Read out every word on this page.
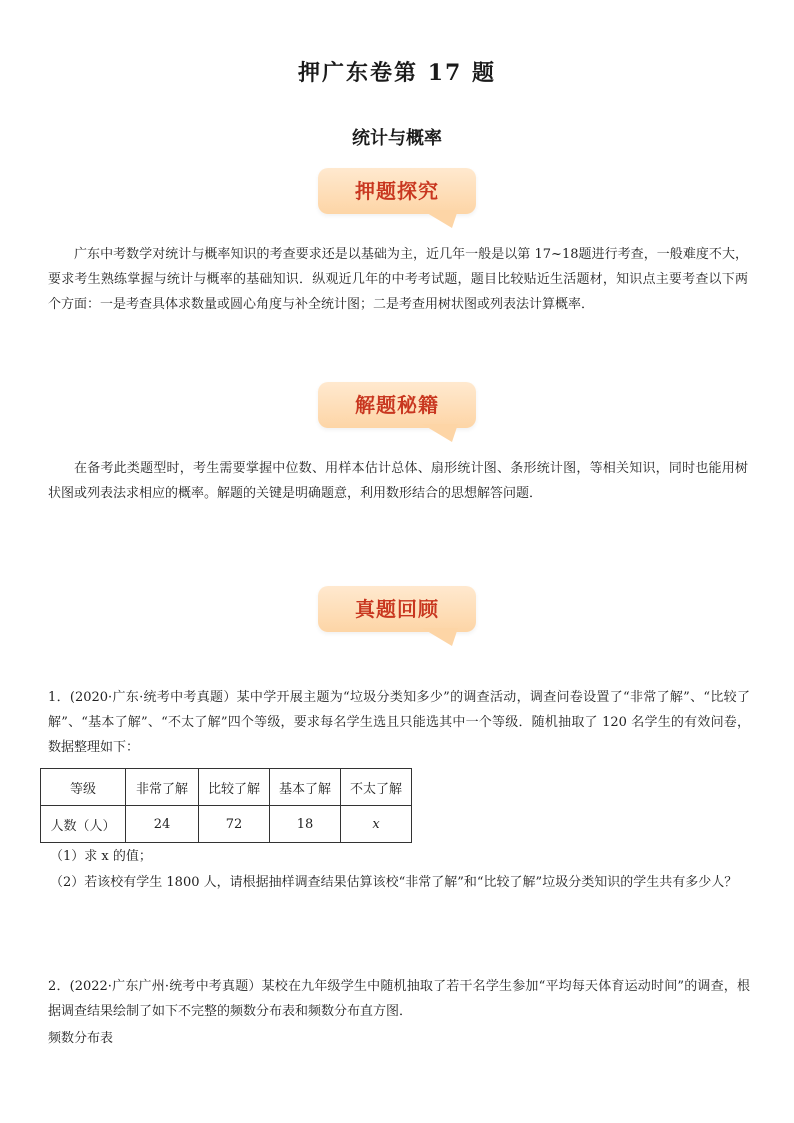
押广东卷第 17 题
统计与概率
押题探究
广东中考数学对统计与概率知识的考查要求还是以基础为主，近几年一般是以第 17~18题进行考查，一般难度不大，要求考生熟练掌握与统计与概率的基础知识．纵观近几年的中考考试题，题目比较贴近生活题材，知识点主要考查以下两个方面：一是考查具体求数量或圆心角度与补全统计图；二是考查用树状图或列表法计算概率．
解题秘籍
在备考此类题型时，考生需要掌握中位数、用样本估计总体、扇形统计图、条形统计图，等相关知识，同时也能用树状图或列表法求相应的概率。解题的关键是明确题意，利用数形结合的思想解答问题．
真题回顾
1．(2020·广东·统考中考真题）某中学开展主题为“垃圾分类知多少”的调查活动，调查问卷设置了“非常了解”、“比较了解”、“基本了解”、“不太了解”四个等级，要求每名学生选且只能选其中一个等级．随机抽取了 120 名学生的有效问卷，数据整理如下：
等级	非常了解	比较了解	基本了解	不太了解
人数（人）	24	72	18	x
（1）求 x 的值；
（2）若该校有学生 1800 人，请根据抽样调查结果估算该校“非常了解”和“比较了解”垃圾分类知识的学生共有多少人？
2．(2022·广东广州·统考中考真题）某校在九年级学生中随机抽取了若干名学生参加“平均每天体育运动时间”的调查，根据调查结果绘制了如下不完整的频数分布表和频数分布直方图．
频数分布表
